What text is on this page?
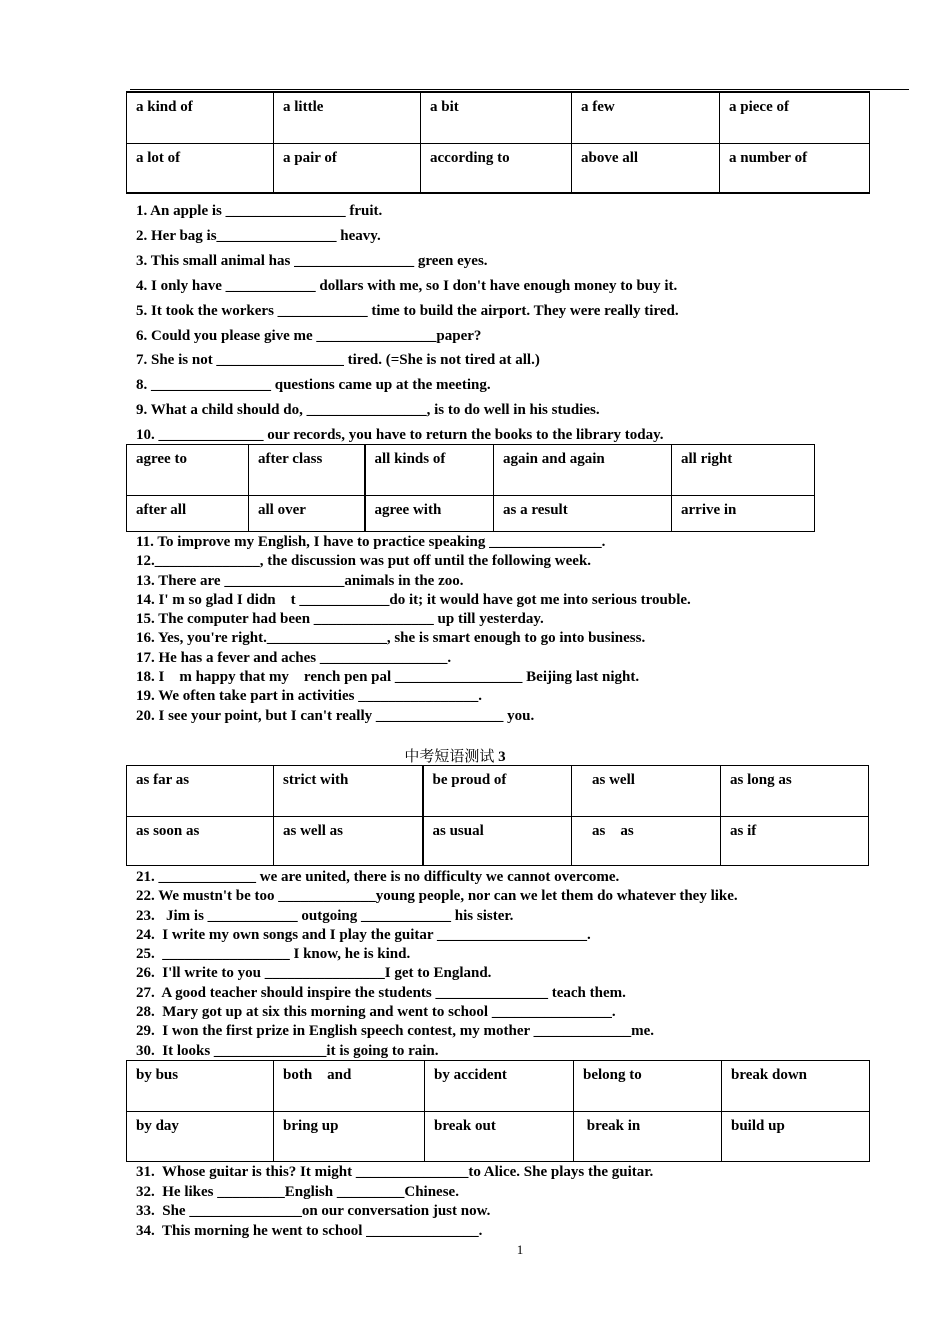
a kind of	a little	a bit	a few	a piece of
a lot of	a pair of	according to	above all	a number of
1. An apple is ________________ fruit.
2. Her bag is________________ heavy.
3. This small animal has ________________ green eyes.
4. I only have ____________ dollars with me, so I don't have enough money to buy it.
5. It took the workers ____________ time to build the airport. They were really tired.
6. Could you please give me ________________paper?
7. She is not _________________ tired. (=She is not tired at all.)
8. ________________ questions came up at the meeting.
9. What a child should do, ________________, is to do well in his studies.
10. ______________ our records, you have to return the books to the library today.
agree to	after class	all kinds of	again and again	all right
after all	all over	agree with	as a result	arrive in
11. To improve my English, I have to practice speaking _______________.
12.______________, the discussion was put off until the following week.
13. There are ________________animals in the zoo.
14. I' m so glad I didn    t ____________do it; it would have got me into serious trouble.
15. The computer had been ________________ up till yesterday.
16. Yes, you're right.________________, she is smart enough to go into business.
17. He has a fever and aches _________________.
18. I    m happy that my    rench pen pal _________________ Beijing last night.
19. We often take part in activities ________________.
20. I see your point, but I can't really _________________ you.
中考短语测试 3
as far as	strict with	be proud of	as well	as long as
as soon as	as well as	as usual	as    as	as if
21. _____________ we are united, there is no difficulty we cannot overcome.
22. We mustn't be too _____________young people, nor can we let them do whatever they like.
23.   Jim is ____________ outgoing ____________ his sister.
24.  I write my own songs and I play the guitar ____________________.
25.  _________________ I know, he is kind.
26.  I'll write to you ________________I get to England.
27.  A good teacher should inspire the students _______________ teach them.
28.  Mary got up at six this morning and went to school ________________.
29.  I won the first prize in English speech contest, my mother _____________me.
30.  It looks _______________it is going to rain.
by bus	both    and	by accident	belong to	break down
by day	bring up	break out	break in	build up
31.  Whose guitar is this? It might _______________to Alice. She plays the guitar.
32.  He likes _________English _________Chinese.
33.  She _______________on our conversation just now.
34.  This morning he went to school _______________.
1
